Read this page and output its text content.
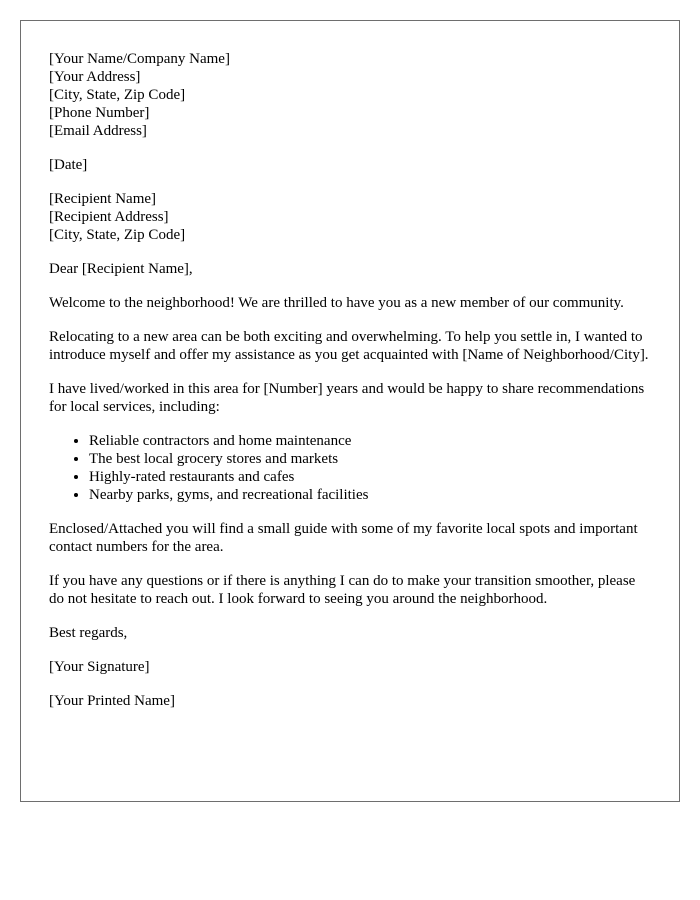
[Your Name/Company Name]
[Your Address]
[City, State, Zip Code]
[Phone Number]
[Email Address]
[Date]
[Recipient Name]
[Recipient Address]
[City, State, Zip Code]

Dear [Recipient Name],

Welcome to the neighborhood! We are thrilled to have you as a new member of our community.

Relocating to a new area can be both exciting and overwhelming. To help you settle in, I wanted to introduce myself and offer my assistance as you get acquainted with [Name of Neighborhood/City].

I have lived/worked in this area for [Number] years and would be happy to share recommendations for local services, including:

• Reliable contractors and home maintenance
• The best local grocery stores and markets
• Highly-rated restaurants and cafes
• Nearby parks, gyms, and recreational facilities

Enclosed/Attached you will find a small guide with some of my favorite local spots and important contact numbers for the area.

If you have any questions or if there is anything I can do to make your transition smoother, please do not hesitate to reach out. I look forward to seeing you around the neighborhood.

Best regards,

[Your Signature]

[Your Printed Name]
